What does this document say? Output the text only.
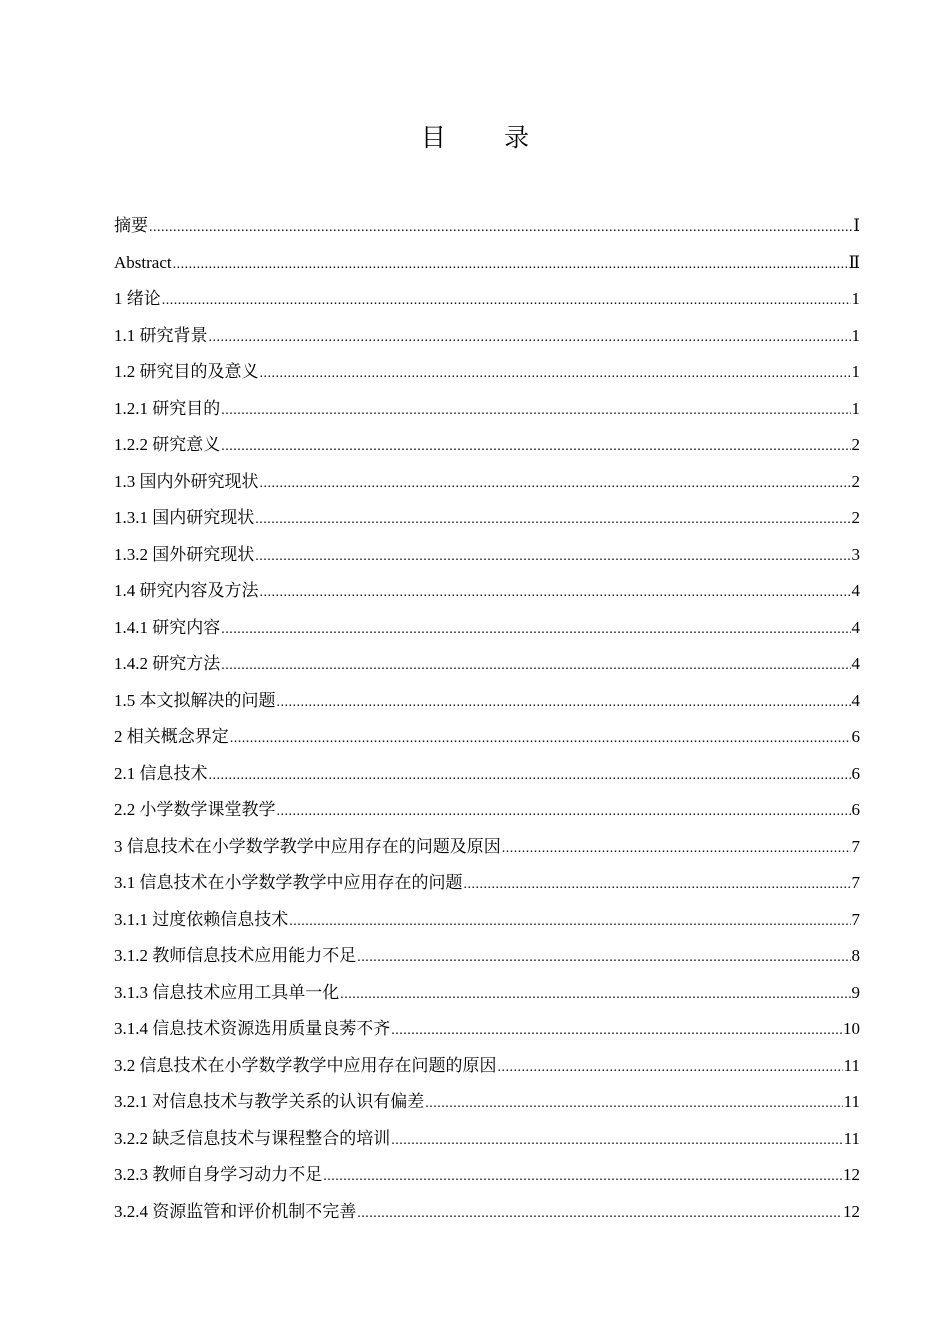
目 录
摘要 .....	Ⅰ
Abstract .....	Ⅱ
1 绪论 .....	1
1.1 研究背景 .....	1
1.2 研究目的及意义 .....	1
1.2.1 研究目的 .....	1
1.2.2 研究意义 .....	2
1.3 国内外研究现状 .....	2
1.3.1 国内研究现状 .....	2
1.3.2 国外研究现状 .....	3
1.4 研究内容及方法 .....	4
1.4.1 研究内容 .....	4
1.4.2 研究方法 .....	4
1.5 本文拟解决的问题 .....	4
2 相关概念界定 .....	6
2.1 信息技术 .....	6
2.2 小学数学课堂教学 .....	6
3 信息技术在小学数学教学中应用存在的问题及原因 .....	7
3.1 信息技术在小学数学教学中应用存在的问题 .....	7
3.1.1 过度依赖信息技术 .....	7
3.1.2 教师信息技术应用能力不足 .....	8
3.1.3 信息技术应用工具单一化 .....	9
3.1.4 信息技术资源选用质量良莠不齐 .....	10
3.2 信息技术在小学数学教学中应用存在问题的原因 .....	11
3.2.1 对信息技术与教学关系的认识有偏差 .....	11
3.2.2 缺乏信息技术与课程整合的培训 .....	11
3.2.3 教师自身学习动力不足 .....	12
3.2.4 资源监管和评价机制不完善 .....	12
